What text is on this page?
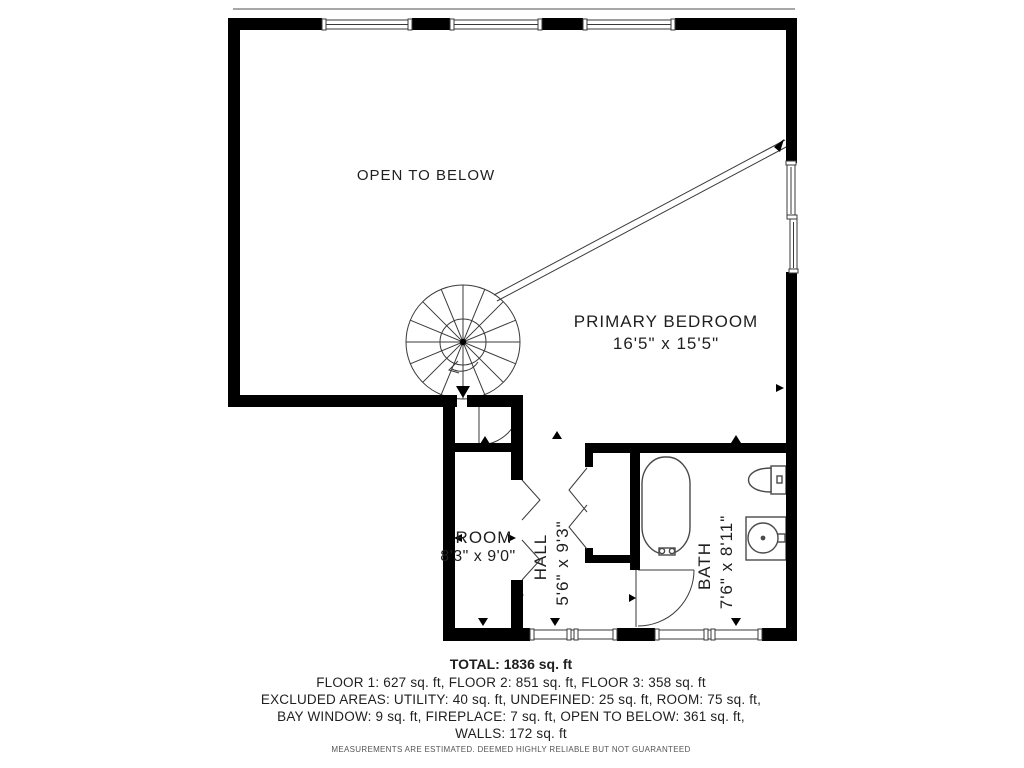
OPEN TO BELOW
PRIMARY BEDROOM
16'5" x 15'5"
ROOM
8'3" x 9'0" HALL 5'6" x 9'3"	BATH 7'6" x 8'11"
TOTAL: 1836 sq. ft
FLOOR 1: 627 sq. ft, FLOOR 2: 851 sq. ft, FLOOR 3: 358 sq. ft
EXCLUDED AREAS: UTILITY: 40 sq. ft, UNDEFINED: 25 sq. ft, ROOM: 75 sq. ft,
BAY WINDOW: 9 sq. ft, FIREPLACE: 7 sq. ft, OPEN TO BELOW: 361 sq. ft,
WALLS: 172 sq. ft
MEASUREMENTS ARE ESTIMATED. DEEMED HIGHLY RELIABLE BUT NOT GUARANTEED
